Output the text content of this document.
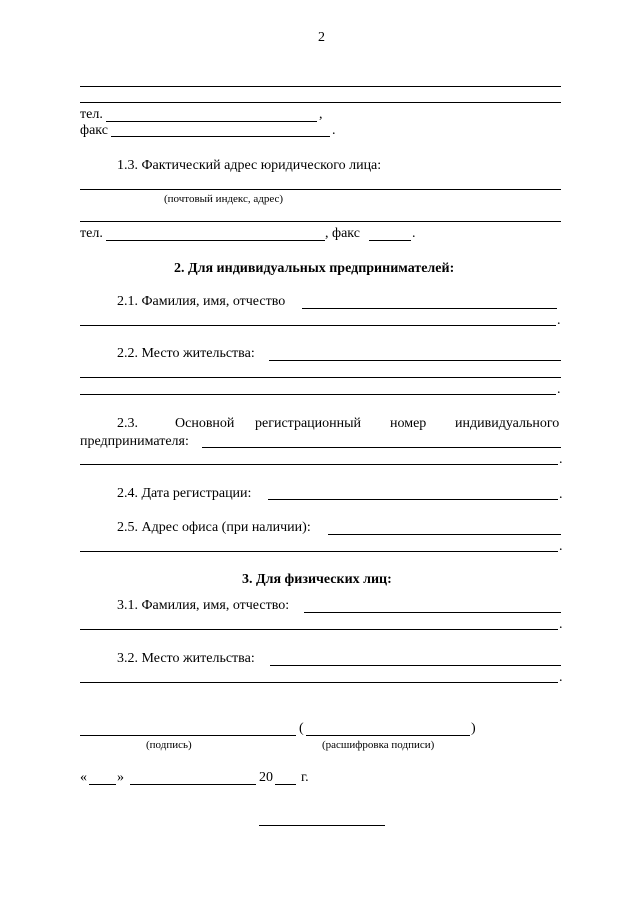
2
тел.	,
факс	.
1.3. Фактический адрес юридического лица:
(почтовый индекс, адрес)
тел.	, факс	.
2. Для индивидуальных предпринимателей:
2.1. Фамилия, имя, отчество
.
2.2. Место жительства:
.
2.3.	Основной регистрационный номер индивидуального
предпринимателя:
.
2.4. Дата регистрации:	.
2.5. Адрес офиса (при наличии):
.
3. Для физических лиц:
3.1. Фамилия, имя, отчество:
.
3.2. Место жительства:
.
(	)
(подпись)	(расшифровка подписи)
« »	20 г.
